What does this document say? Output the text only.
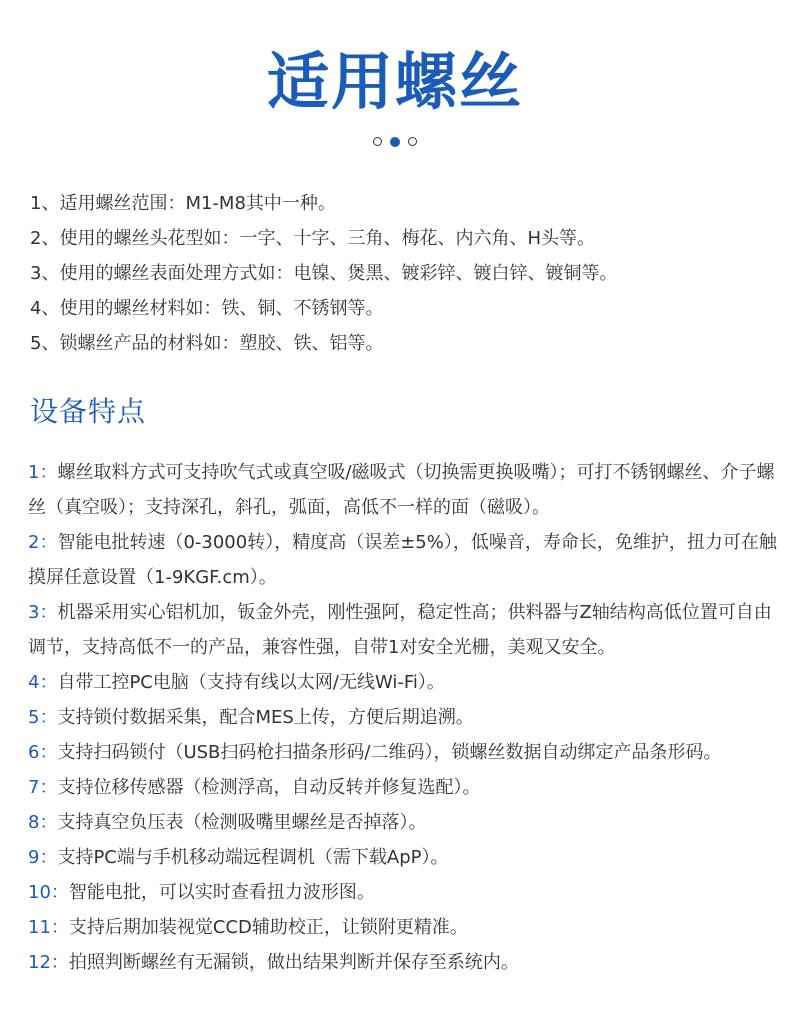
适用螺丝
1、适用螺丝范围：M1-M8其中一种。
2、使用的螺丝头花型如：一字、十字、三角、梅花、内六角、H头等。
3、使用的螺丝表面处理方式如：电镍、煲黑、镀彩锌、镀白锌、镀铜等。
4、使用的螺丝材料如：铁、铜、不锈钢等。
5、锁螺丝产品的材料如：塑胶、铁、铝等。
设备特点

1：螺丝取料方式可支持吹气式或真空吸/磁吸式（切换需更换吸嘴）；可打不锈钢螺丝、介子螺丝（真空吸）；支持深孔，斜孔，弧面，高低不一样的面（磁吸）。

2：智能电批转速（0-3000转），精度高（误差±5%），低噪音，寿命长，免维护，扭力可在触摸屏任意设置（1-9KGF.cm）。

3：机器采用实心铝机加，钣金外壳，刚性强阿，稳定性高；供料器与Z轴结构高低位置可自由调节，支持高低不一的产品，兼容性强，自带1对安全光栅，美观又安全。

4：自带工控PC电脑（支持有线以太网/无线Wi-Fi）。

5：支持锁付数据采集，配合MES上传，方便后期追溯。

6：支持扫码锁付（USB扫码枪扫描条形码/二维码），锁螺丝数据自动绑定产品条形码。

7：支持位移传感器（检测浮高，自动反转并修复选配）。

8：支持真空负压表（检测吸嘴里螺丝是否掉落）。

9：支持PC端与手机移动端远程调机（需下载ApP）。

10：智能电批，可以实时查看扭力波形图。

11：支持后期加装视觉CCD辅助校正，让锁附更精准。

12：拍照判断螺丝有无漏锁，做出结果判断并保存至系统内。
